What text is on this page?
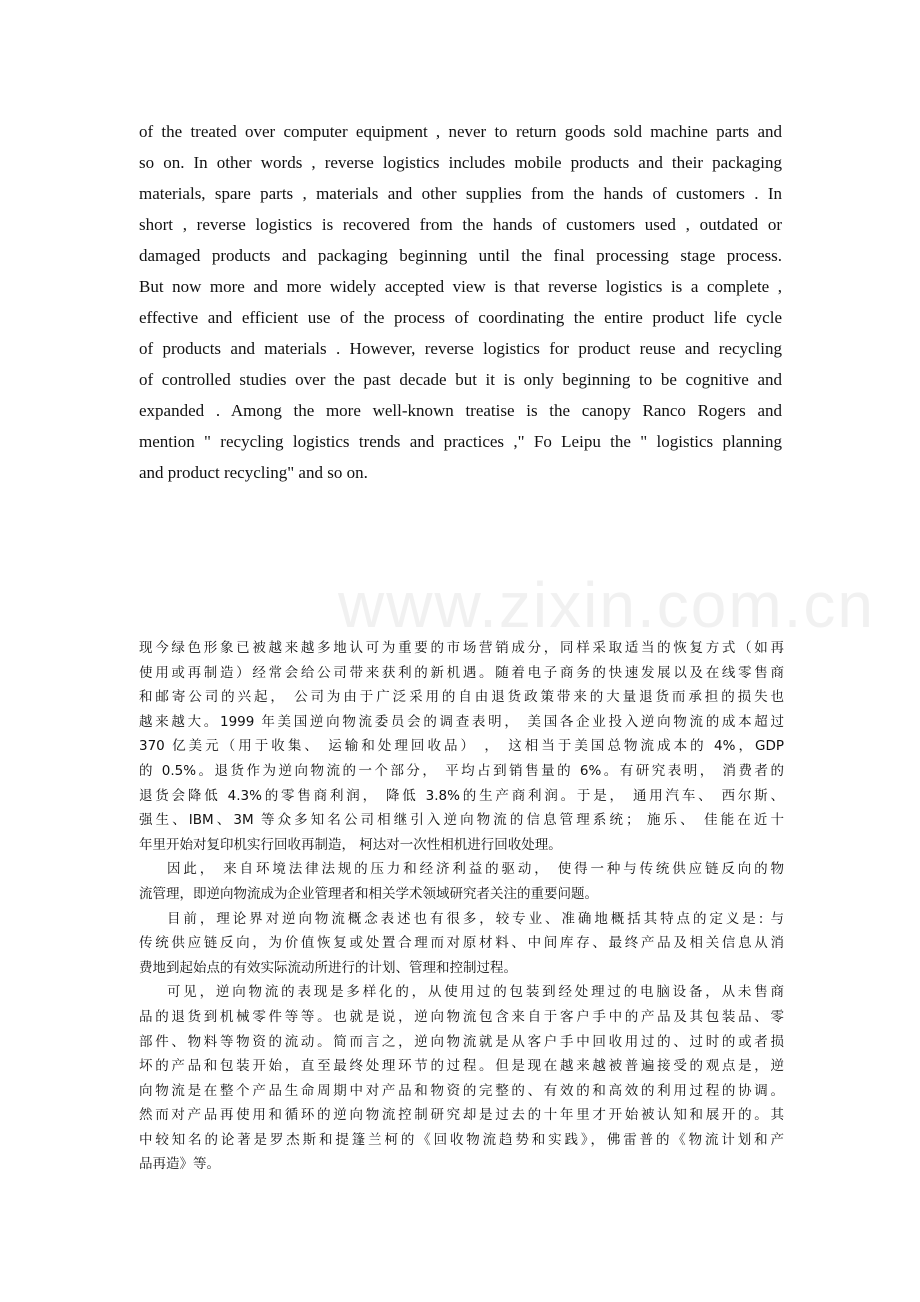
www.zixin.com.cn
of the treated over computer equipment , never to return goods sold machine parts and
so on. In other words , reverse logistics includes mobile products and their packaging
materials, spare parts , materials and other supplies from the hands of customers . In
short , reverse logistics is recovered from the hands of customers used , outdated or
damaged products and packaging beginning until the final processing stage process.
But now more and more widely accepted view is that reverse logistics is a complete ,
effective and efficient use of the process of coordinating the entire product life cycle
of products and materials . However, reverse logistics for product reuse and recycling
of controlled studies over the past decade but it is only beginning to be cognitive and
expanded . Among the more well-known treatise is the canopy Ranco Rogers and
mention " recycling logistics trends and practices ," Fo Leipu the " logistics planning
and product recycling" and so on.
现今绿色形象已被越来越多地认可为重要的市场营销成分，同样采取适当的恢复方式（如再
使用或再制造）经常会给公司带来获利的新机遇。随着电子商务的快速发展以及在线零售商
和邮寄公司的兴起， 公司为由于广泛采用的自由退货政策带来的大量退货而承担的损失也
越来越大。1999 年美国逆向物流委员会的调查表明， 美国各企业投入逆向物流的成本超过
370 亿美元（用于收集、 运输和处理回收品） ， 这相当于美国总物流成本的 4%，GDP
的 0.5%。退货作为逆向物流的一个部分， 平均占到销售量的 6%。有研究表明， 消费者的
退货会降低 4.3%的零售商利润， 降低 3.8%的生产商利润。于是， 通用汽车、 西尔斯、
强生、IBM、3M 等众多知名公司相继引入逆向物流的信息管理系统； 施乐、 佳能在近十
年里开始对复印机实行回收再制造， 柯达对一次性相机进行回收处理。
因此， 来自环境法律法规的压力和经济利益的驱动， 使得一种与传统供应链反向的物
流管理，即逆向物流成为企业管理者和相关学术领域研究者关注的重要问题。
目前，理论界对逆向物流概念表述也有很多，较专业、准确地概括其特点的定义是: 与
传统供应链反向，为价值恢复或处置合理而对原材料、中间库存、最终产品及相关信息从消
费地到起始点的有效实际流动所进行的计划、管理和控制过程。
可见，逆向物流的表现是多样化的，从使用过的包装到经处理过的电脑设备，从未售商
品的退货到机械零件等等。也就是说，逆向物流包含来自于客户手中的产品及其包装品、零
部件、物料等物资的流动。简而言之，逆向物流就是从客户手中回收用过的、过时的或者损
坏的产品和包装开始，直至最终处理环节的过程。但是现在越来越被普遍接受的观点是，逆
向物流是在整个产品生命周期中对产品和物资的完整的、有效的和高效的利用过程的协调。
然而对产品再使用和循环的逆向物流控制研究却是过去的十年里才开始被认知和展开的。其
中较知名的论著是罗杰斯和提篷兰柯的《回收物流趋势和实践》，佛雷普的《物流计划和产
品再造》等。
